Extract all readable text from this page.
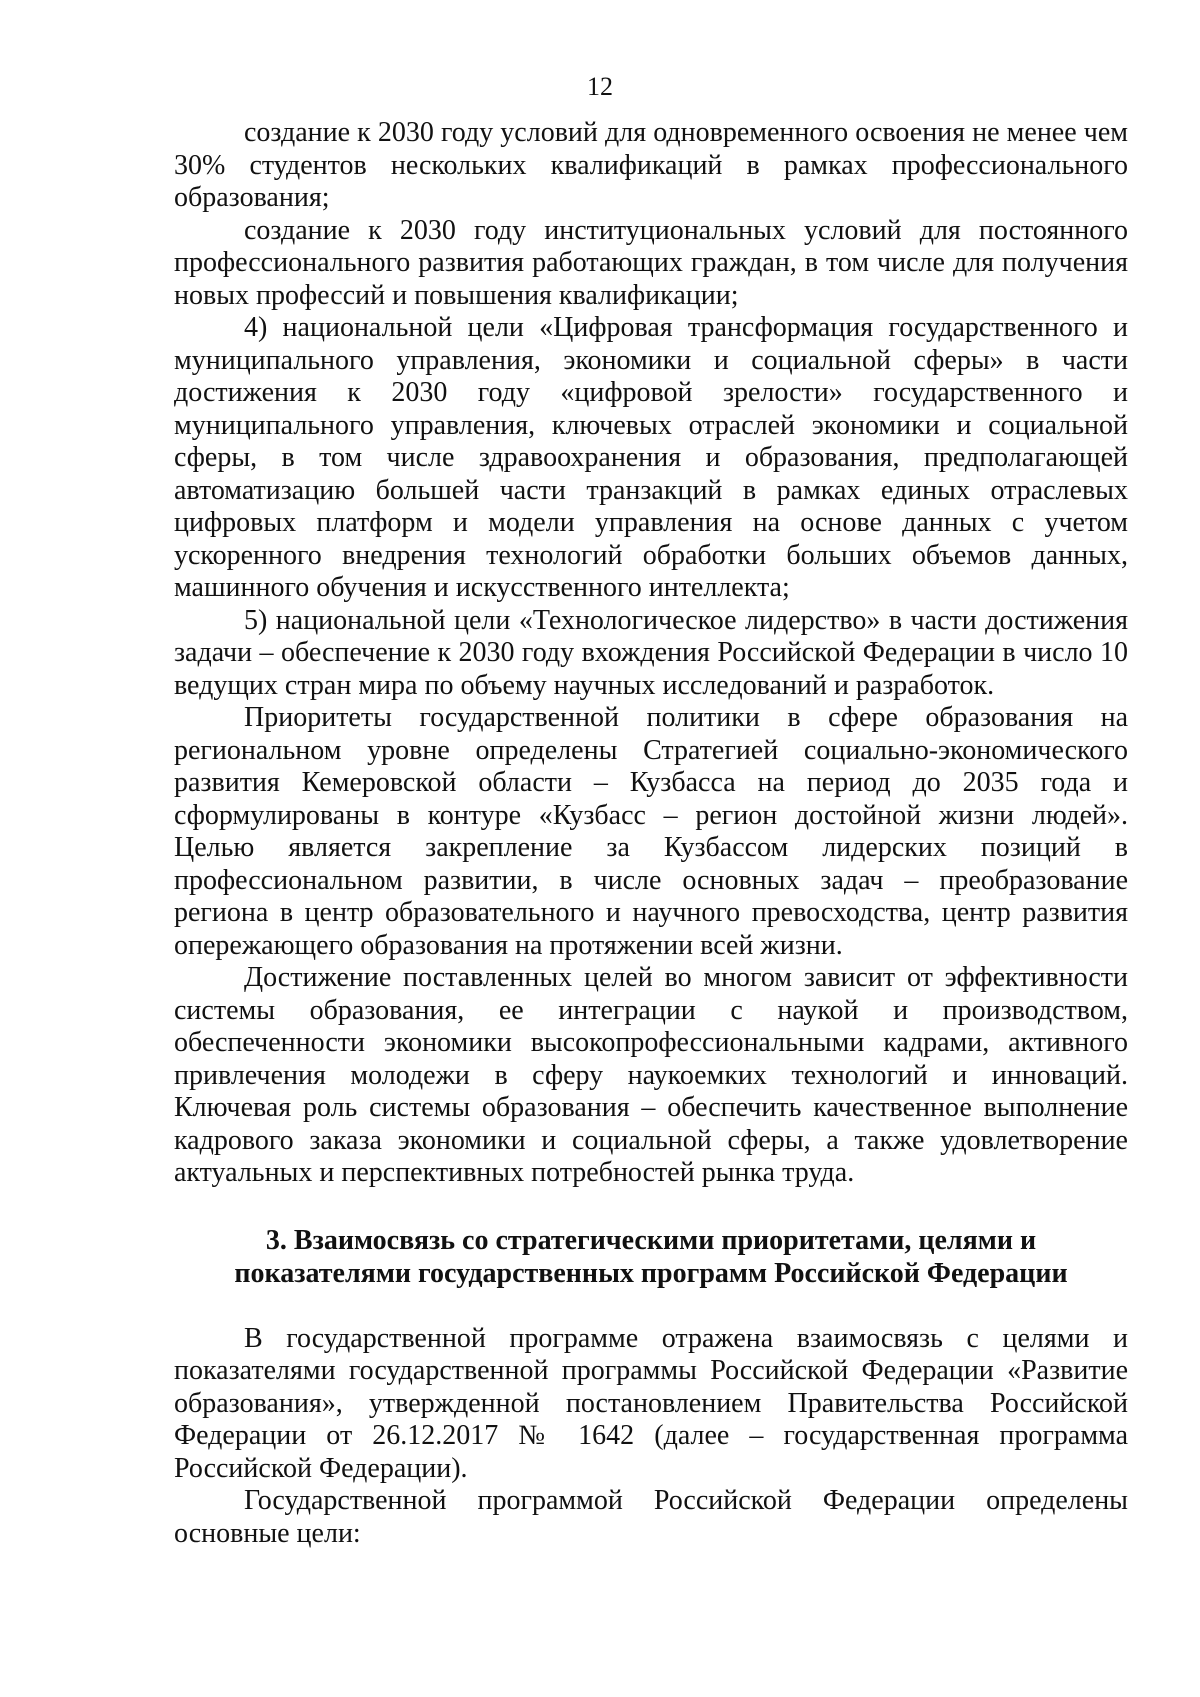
12

создание к 2030 году условий для одновременного освоения не менее чем 30% студентов нескольких квалификаций в рамках профессионального образования;

создание к 2030 году институциональных условий для постоянного профессионального развития работающих граждан, в том числе для получения новых профессий и повышения квалификации;

4) национальной цели «Цифровая трансформация государственного и муниципального управления, экономики и социальной сферы» в части достижения к 2030 году «цифровой зрелости» государственного и муниципального управления, ключевых отраслей экономики и социальной сферы, в том числе здравоохранения и образования, предполагающей автоматизацию большей части транзакций в рамках единых отраслевых цифровых платформ и модели управления на основе данных с учетом ускоренного внедрения технологий обработки больших объемов данных, машинного обучения и искусственного интеллекта;

5) национальной цели «Технологическое лидерство» в части достижения задачи – обеспечение к 2030 году вхождения Российской Федерации в число 10 ведущих стран мира по объему научных исследований и разработок.

Приоритеты государственной политики в сфере образования на региональном уровне определены Стратегией социально-экономического развития Кемеровской области – Кузбасса на период до 2035 года и сформулированы в контуре «Кузбасс – регион достойной жизни людей». Целью является закрепление за Кузбассом лидерских позиций в профессиональном развитии, в числе основных задач – преобразование региона в центр образовательного и научного превосходства, центр развития опережающего образования на протяжении всей жизни.

Достижение поставленных целей во многом зависит от эффективности системы образования, ее интеграции с наукой и производством, обеспеченности экономики высокопрофессиональными кадрами, активного привлечения молодежи в сферу наукоемких технологий и инноваций. Ключевая роль системы образования – обеспечить качественное выполнение кадрового заказа экономики и социальной сферы, а также удовлетворение актуальных и перспективных потребностей рынка труда.

3. Взаимосвязь со стратегическими приоритетами, целями и
показателями государственных программ Российской Федерации

В государственной программе отражена взаимосвязь с целями и показателями государственной программы Российской Федерации «Развитие образования», утвержденной постановлением Правительства Российской Федерации от 26.12.2017 № 1642 (далее – государственная программа Российской Федерации).

Государственной программой Российской Федерации определены основные цели:
